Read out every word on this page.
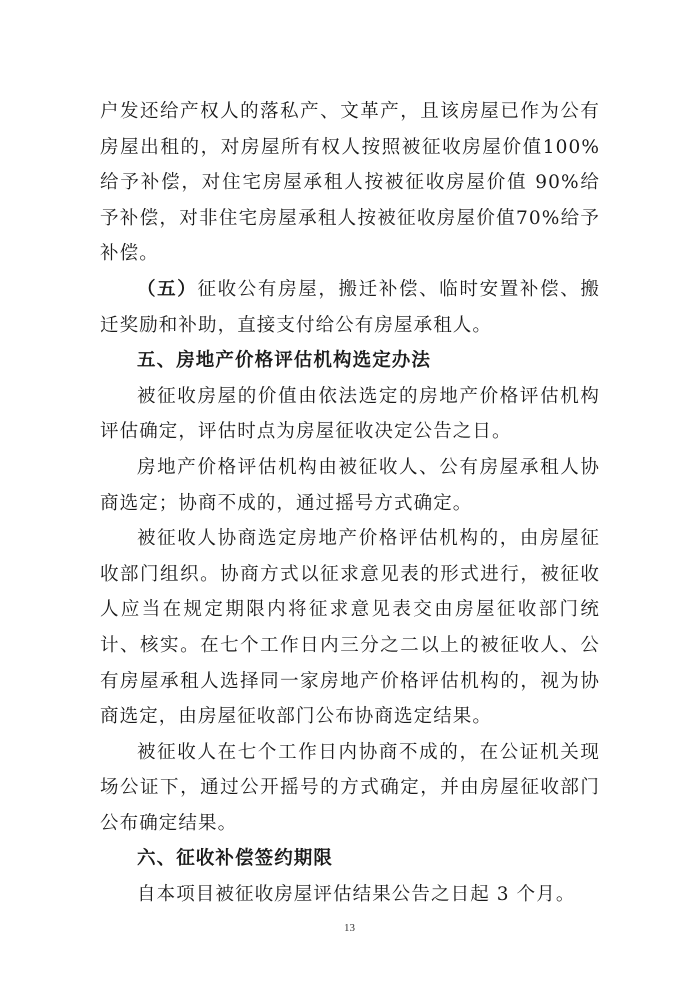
户发还给产权人的落私产、文革产，且该房屋已作为公有房屋出租的，对房屋所有权人按照被征收房屋价值100%给予补偿，对住宅房屋承租人按被征收房屋价值 90%给予补偿，对非住宅房屋承租人按被征收房屋价值70%给予补偿。

（五）征收公有房屋，搬迁补偿、临时安置补偿、搬迁奖励和补助，直接支付给公有房屋承租人。

五、房地产价格评估机构选定办法

被征收房屋的价值由依法选定的房地产价格评估机构评估确定，评估时点为房屋征收决定公告之日。

房地产价格评估机构由被征收人、公有房屋承租人协商选定；协商不成的，通过摇号方式确定。

被征收人协商选定房地产价格评估机构的，由房屋征收部门组织。协商方式以征求意见表的形式进行，被征收人应当在规定期限内将征求意见表交由房屋征收部门统计、核实。在七个工作日内三分之二以上的被征收人、公有房屋承租人选择同一家房地产价格评估机构的，视为协商选定，由房屋征收部门公布协商选定结果。

被征收人在七个工作日内协商不成的，在公证机关现场公证下，通过公开摇号的方式确定，并由房屋征收部门公布确定结果。

六、征收补偿签约期限

自本项目被征收房屋评估结果公告之日起 3 个月。

13
